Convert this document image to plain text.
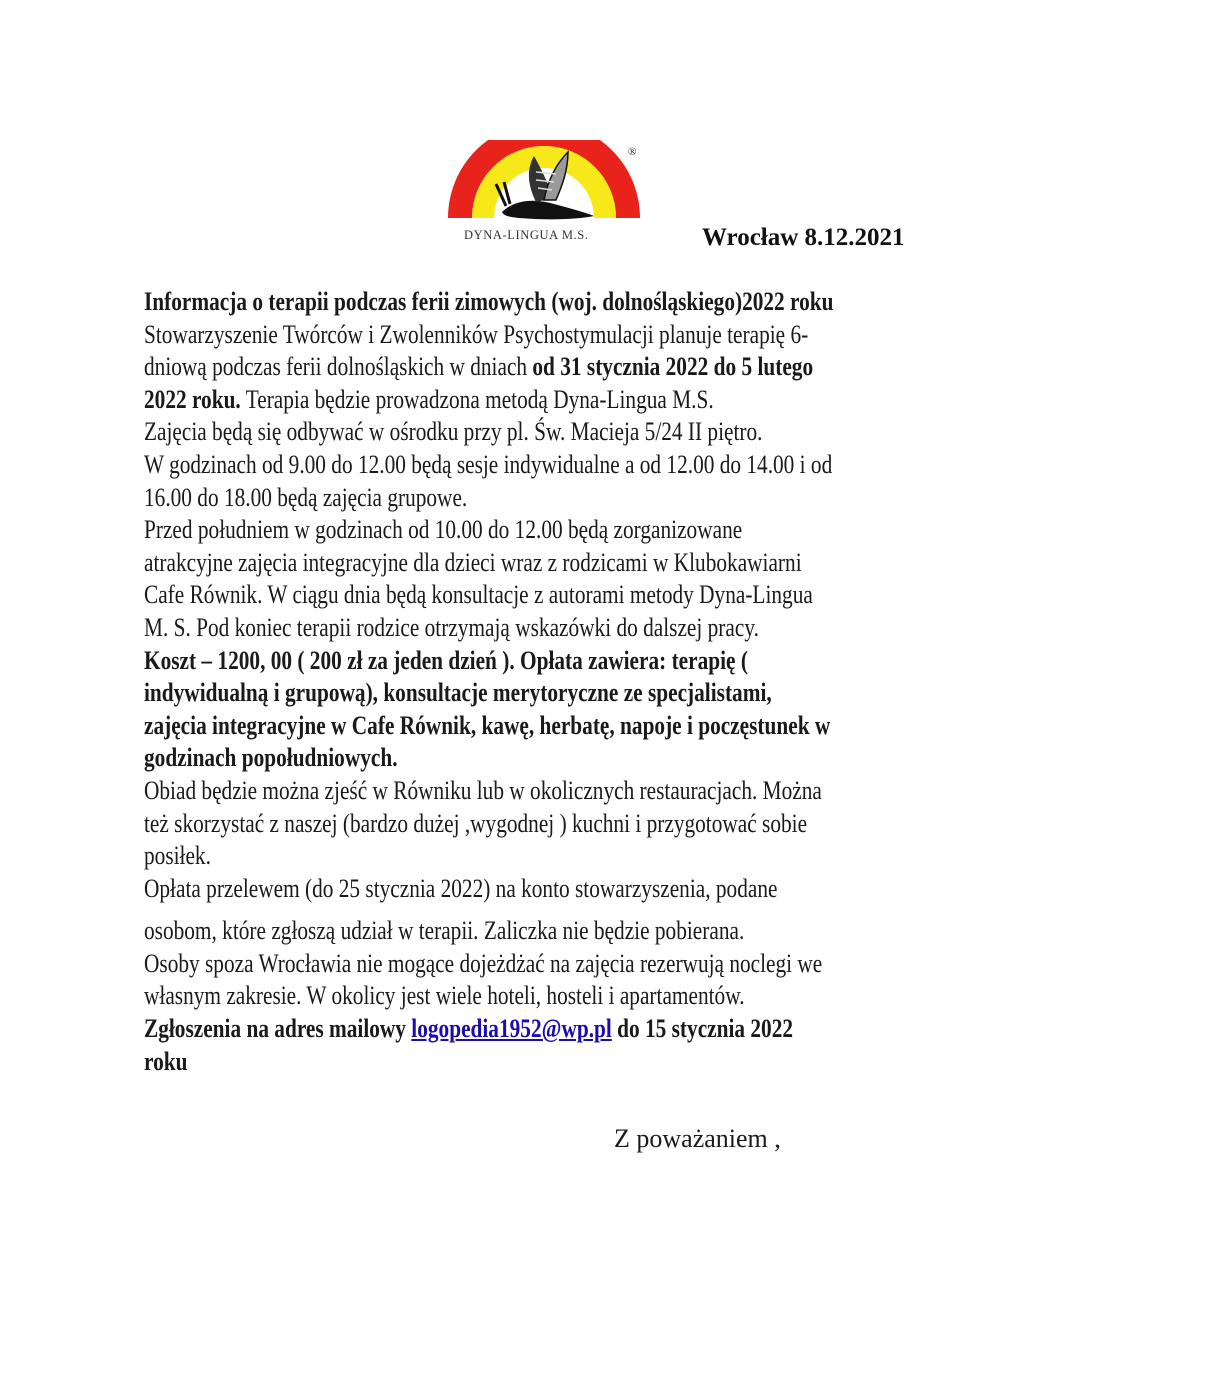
®
DYNA-LINGUA M.S.	Wrocław 8.12.2021
Informacja o terapii podczas ferii zimowych (woj. dolnośląskiego)2022 roku
Stowarzyszenie Twórców i Zwolenników Psychostymulacji planuje terapię 6-
dniową podczas ferii dolnośląskich w dniach od 31 stycznia 2022 do 5 lutego
2022 roku. Terapia będzie prowadzona metodą Dyna-Lingua M.S.
Zajęcia będą się odbywać w ośrodku przy pl. Św. Macieja 5/24 II piętro.
W godzinach od 9.00 do 12.00 będą sesje indywidualne a od 12.00 do 14.00 i od
16.00 do 18.00 będą zajęcia grupowe.
Przed południem w godzinach od 10.00 do 12.00 będą zorganizowane
atrakcyjne zajęcia integracyjne dla dzieci wraz z rodzicami w Klubokawiarni
Cafe Równik. W ciągu dnia będą konsultacje z autorami metody Dyna-Lingua
M. S. Pod koniec terapii rodzice otrzymają wskazówki do dalszej pracy.
Koszt – 1200, 00 ( 200 zł za jeden dzień ). Opłata zawiera: terapię (
indywidualną i grupową), konsultacje merytoryczne ze specjalistami,
zajęcia integracyjne w Cafe Równik, kawę, herbatę, napoje i poczęstunek w
godzinach popołudniowych.
Obiad będzie można zjeść w Równiku lub w okolicznych restauracjach. Można
też skorzystać z naszej (bardzo dużej ,wygodnej ) kuchni i przygotować sobie
posiłek.
Opłata przelewem (do 25 stycznia 2022) na konto stowarzyszenia, podane
osobom, które zgłoszą udział w terapii. Zaliczka nie będzie pobierana.
Osoby spoza Wrocławia nie mogące dojeżdżać na zajęcia rezerwują noclegi we
własnym zakresie. W okolicy jest wiele hoteli, hosteli i apartamentów.
Zgłoszenia na adres mailowy logopedia1952@wp.pl do 15 stycznia 2022
roku
Z poważaniem ,
